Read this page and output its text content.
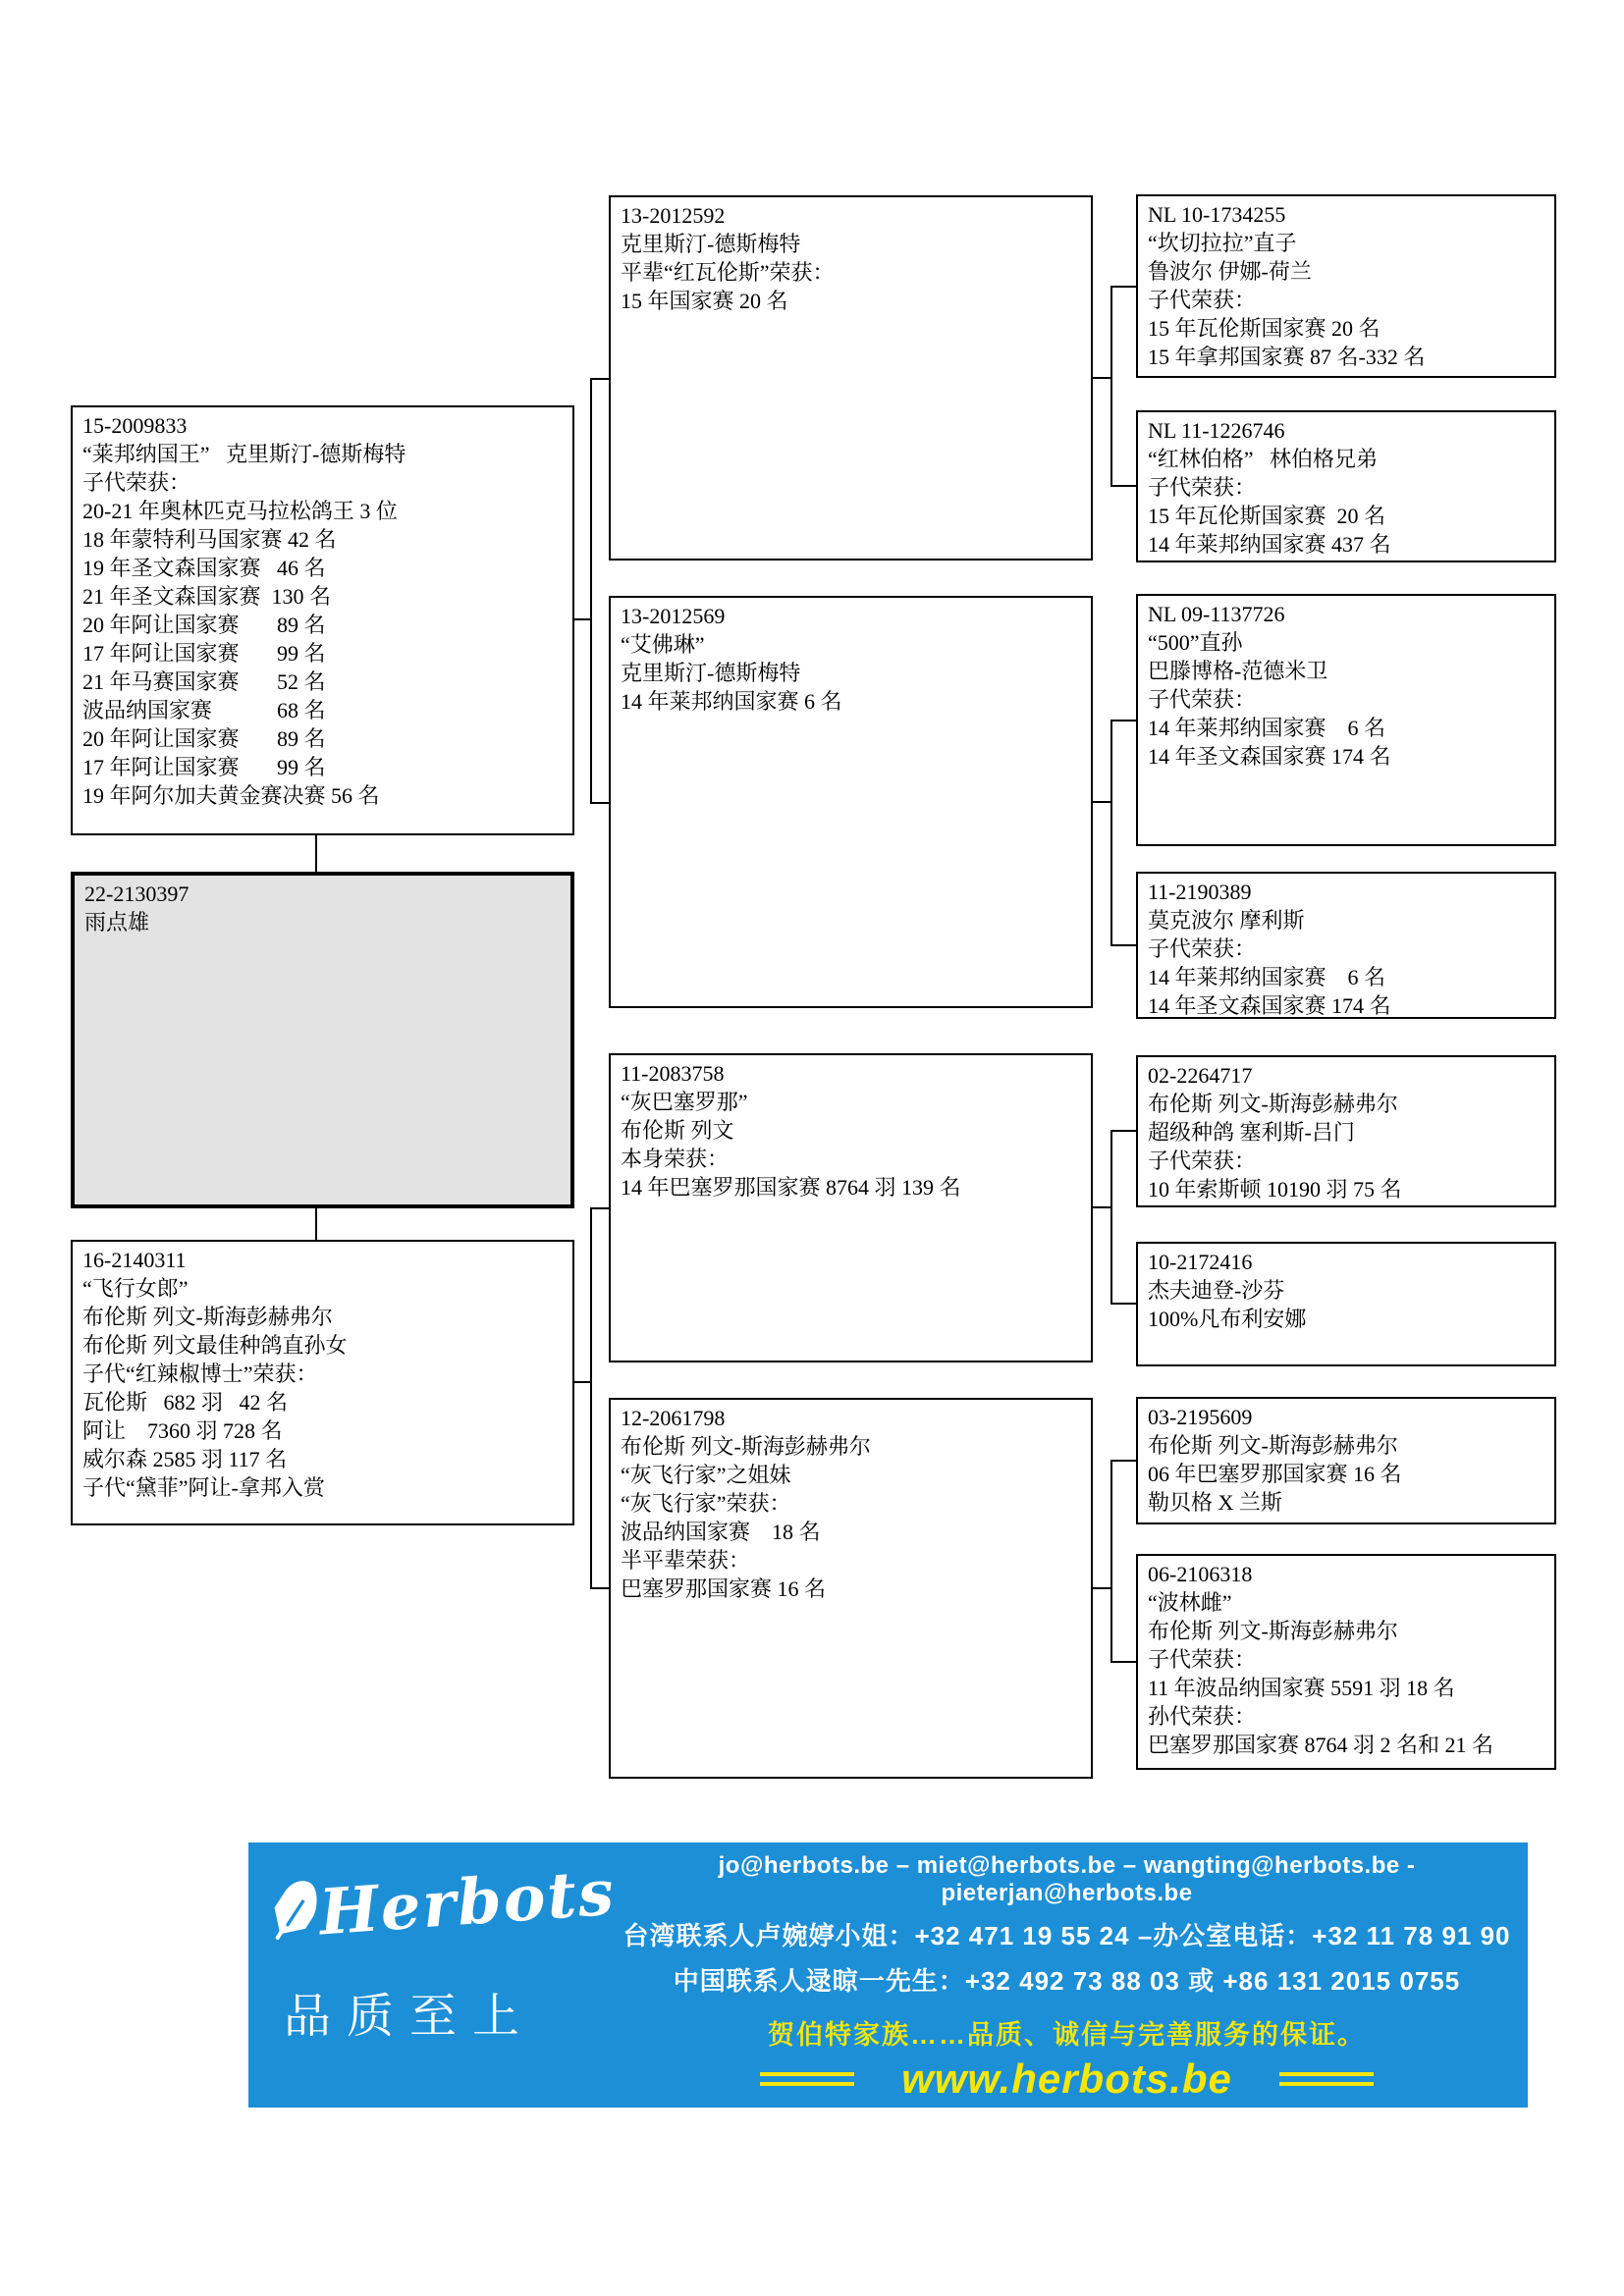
15-2009833
“莱邦纳国王”   克里斯汀-德斯梅特
子代荣获：
20-21 年奥林匹克马拉松鸽王 3 位
18 年蒙特利马国家赛 42 名
19 年圣文森国家赛   46 名
21 年圣文森国家赛  130 名
20 年阿让国家赛       89 名
17 年阿让国家赛       99 名
21 年马赛国家赛       52 名
波品纳国家赛            68 名
20 年阿让国家赛       89 名
17 年阿让国家赛       99 名
19 年阿尔加夫黄金赛决赛 56 名
22-2130397
雨点雄
16-2140311
“飞行女郎”
布伦斯 列文-斯海彭赫弗尔
布伦斯 列文最佳种鸽直孙女
子代“红辣椒博士”荣获：
瓦伦斯   682 羽   42 名
阿让    7360 羽 728 名
威尔森 2585 羽 117 名
子代“黛菲”阿让-拿邦入赏
13-2012592
克里斯汀-德斯梅特
平辈“红瓦伦斯”荣获：
15 年国家赛 20 名
13-2012569
“艾佛琳”
克里斯汀-德斯梅特
14 年莱邦纳国家赛 6 名
11-2083758
“灰巴塞罗那”
布伦斯 列文
本身荣获：
14 年巴塞罗那国家赛 8764 羽 139 名
12-2061798
布伦斯 列文-斯海彭赫弗尔
“灰飞行家”之姐妹
“灰飞行家”荣获：
波品纳国家赛    18 名
半平辈荣获：
巴塞罗那国家赛 16 名
NL 10-1734255
“坎切拉拉”直子
鲁波尔 伊娜-荷兰
子代荣获：
15 年瓦伦斯国家赛 20 名
15 年拿邦国家赛 87 名-332 名
NL 11-1226746
“红林伯格”   林伯格兄弟
子代荣获：
15 年瓦伦斯国家赛  20 名
14 年莱邦纳国家赛 437 名
NL 09-1137726
“500”直孙
巴滕博格-范德米卫
子代荣获：
14 年莱邦纳国家赛    6 名
14 年圣文森国家赛 174 名
11-2190389
莫克波尔 摩利斯
子代荣获：
14 年莱邦纳国家赛    6 名
14 年圣文森国家赛 174 名
02-2264717
布伦斯 列文-斯海彭赫弗尔
超级种鸽 塞利斯-吕门
子代荣获：
10 年索斯顿 10190 羽 75 名
10-2172416
杰夫迪登-沙芬
100%凡布利安娜
03-2195609
布伦斯 列文-斯海彭赫弗尔
06 年巴塞罗那国家赛 16 名
勒贝格 X 兰斯
06-2106318
“波林雌”
布伦斯 列文-斯海彭赫弗尔
子代荣获：
11 年波品纳国家赛 5591 羽 18 名
孙代荣获：
巴塞罗那国家赛 8764 羽 2 名和 21 名
Herbots
品质至上
jo@herbots.be – miet@herbots.be – wangting@herbots.be - pieterjan@herbots.be
台湾联系人卢婉婷小姐：+32 471 19 55 24 –办公室电话：+32 11 78 91 90
中国联系人逯晾一先生：+32 492 73 88 03 或 +86 131 2015 0755
贺伯特家族……品质、诚信与完善服务的保证。
www.herbots.be
